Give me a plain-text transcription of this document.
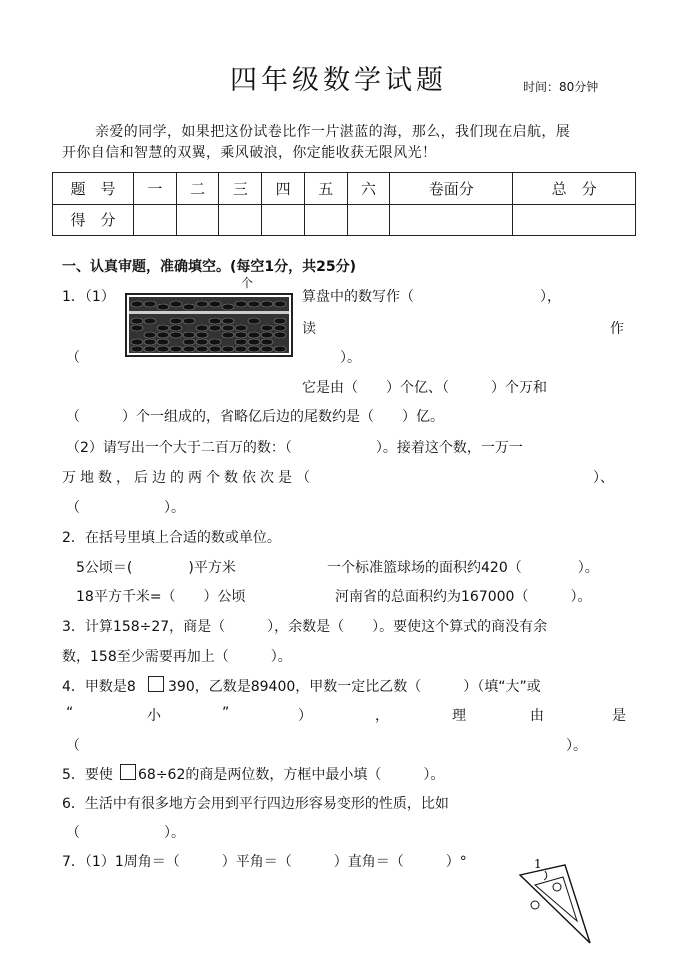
四年级数学试题	时间：80分钟
亲爱的同学，如果把这份试卷比作一片湛蓝的海，那么，我们现在启航，展
开你自信和智慧的双翼，乘风破浪，你定能收获无限风光！
题　号	一	二	三	四	五	六	卷面分	总　分
得　分								
一、认真审题，准确填空。(每空1分，共25分)
个
1．（1）	算盘中的数写作（　　　　　　　　　），
读	作
（	）。
它是由（　　）个亿、（　　　）个万和
（　　　）个一组成的，省略亿后边的尾数约是（　　）亿。
（2）请写出一个大于二百万的数：（　　　　　　）。接着这个数，一万一
万地数，后边的两个数依次是（	）、
（　　　　　　）。
2．在括号里填上合适的数或单位。
5公顷＝(　　　　)平方米	一个标准篮球场的面积约420（　　　　）。
18平方千米=（　　）公顷	河南省的总面积约为167000（　　　）。
3．计算158÷27，商是（　　　），余数是（　　）。要使这个算式的商没有余
数，158至少需要再加上（　　　）。
4．甲数是8 390，乙数是89400，甲数一定比乙数（　　　）（填“大”或
“	小	”	）	，	理	由	是
（	）。
5．要使 68÷62的商是两位数，方框中最小填（　　　）。
6．生活中有很多地方会用到平行四边形容易变形的性质，比如
（　　　　　　）。
7．（1）1周角＝（　　　）平角＝（　　　）直角＝（　　　）°	1
